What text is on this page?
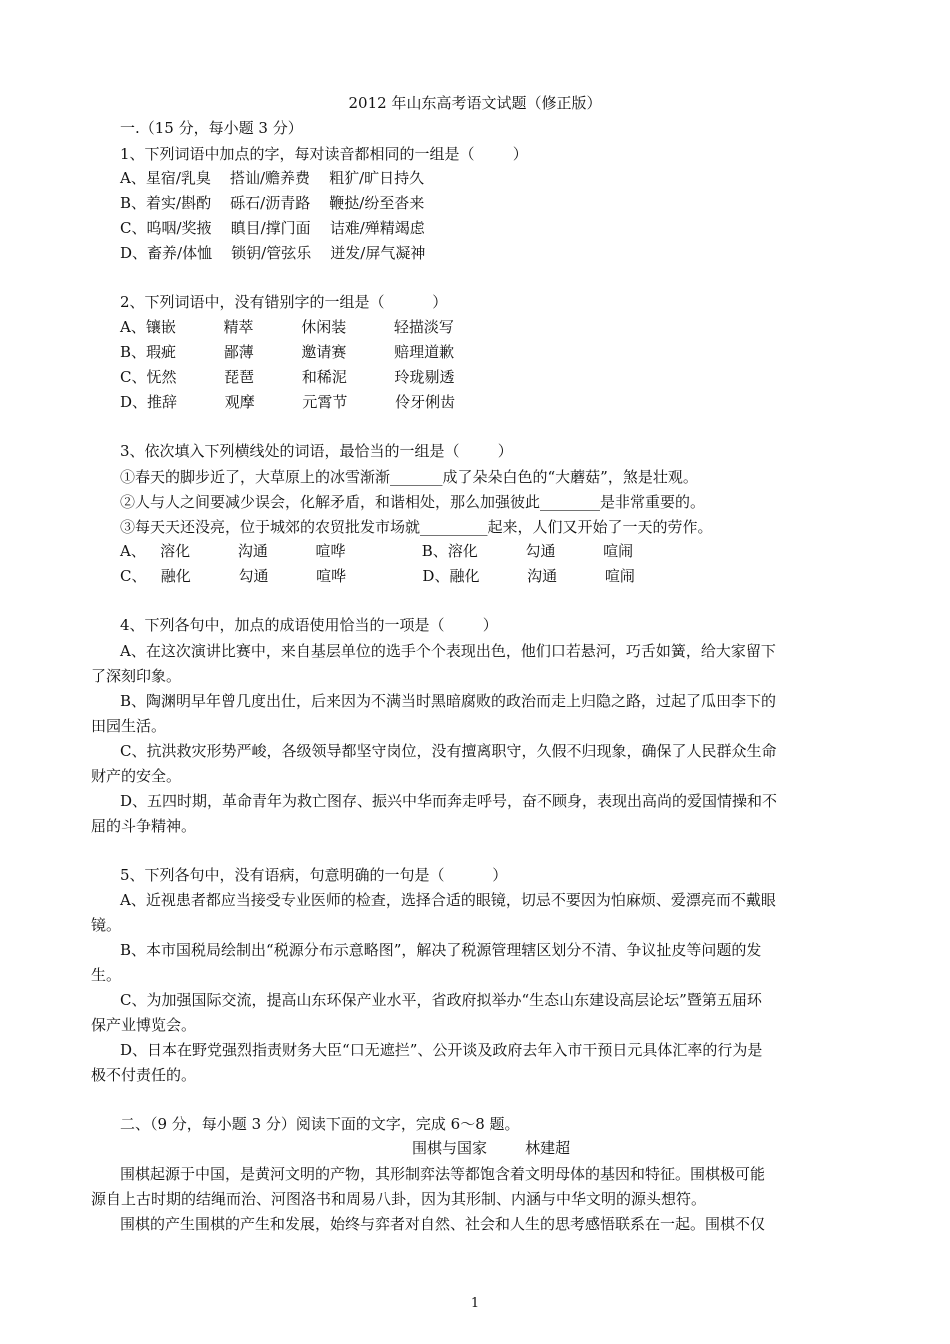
2012 年山东高考语文试题（修正版）
一.（15 分，每小题 3 分）
1、下列词语中加点的字，每对读音都相同的一组是（        ）
A、星宿/乳臭    搭讪/赡养费    粗犷/旷日持久
B、着实/斟酌    砾石/沥青路    鞭挞/纷至沓来
C、呜咽/奖掖    瞋目/撑门面    诘难/殚精竭虑
D、畜养/体恤    锁钥/管弦乐    迸发/屏气凝神
2、下列词语中，没有错别字的一组是（          ）
A、镶嵌          精萃          休闲装          轻描淡写
B、瑕疵          鄙薄          邀请赛          赔理道歉
C、怃然          琵琶          和稀泥          玲珑剔透
D、推辞          观摩          元霄节          伶牙俐齿
3、依次填入下列横线处的词语，最恰当的一组是（        ）
①春天的脚步近了，大草原上的冰雪渐渐_______成了朵朵白色的“大蘑菇”，煞是壮观。
②人与人之间要减少误会，化解矛盾，和谐相处，那么加强彼此________是非常重要的。
③每天天还没亮，位于城郊的农贸批发市场就_________起来，人们又开始了一天的劳作。
A、   溶化          沟通          喧哗                B、溶化          勾通          喧闹
C、   融化          勾通          喧哗                D、融化          沟通          喧闹
4、下列各句中，加点的成语使用恰当的一项是（        ）
A、在这次演讲比赛中，来自基层单位的选手个个表现出色，他们口若悬河，巧舌如簧，给大家留下
了深刻印象。
B、陶渊明早年曾几度出仕，后来因为不满当时黑暗腐败的政治而走上归隐之路，过起了瓜田李下的
田园生活。
C、抗洪救灾形势严峻，各级领导都坚守岗位，没有擅离职守，久假不归现象，确保了人民群众生命
财产的安全。
D、五四时期，革命青年为救亡图存、振兴中华而奔走呼号，奋不顾身，表现出高尚的爱国情操和不
屈的斗争精神。
5、下列各句中，没有语病，句意明确的一句是（          ）
A、近视患者都应当接受专业医师的检查，选择合适的眼镜，切忌不要因为怕麻烦、爱漂亮而不戴眼
镜。
B、本市国税局绘制出“税源分布示意略图”，解决了税源管理辖区划分不清、争议扯皮等问题的发
生。
C、为加强国际交流，提高山东环保产业水平，省政府拟举办“生态山东建设高层论坛”暨第五届环
保产业博览会。
D、日本在野党强烈指责财务大臣“口无遮拦”、公开谈及政府去年入市干预日元具体汇率的行为是
极不付责任的。
二、（9 分，每小题 3 分）阅读下面的文字，完成 6～8 题。
围棋与国家        林建超
围棋起源于中国，是黄河文明的产物，其形制弈法等都饱含着文明母体的基因和特征。围棋极可能
源自上古时期的结绳而治、河图洛书和周易八卦，因为其形制、内涵与中华文明的源头想符。
围棋的产生围棋的产生和发展，始终与弈者对自然、社会和人生的思考感悟联系在一起。围棋不仅
1
